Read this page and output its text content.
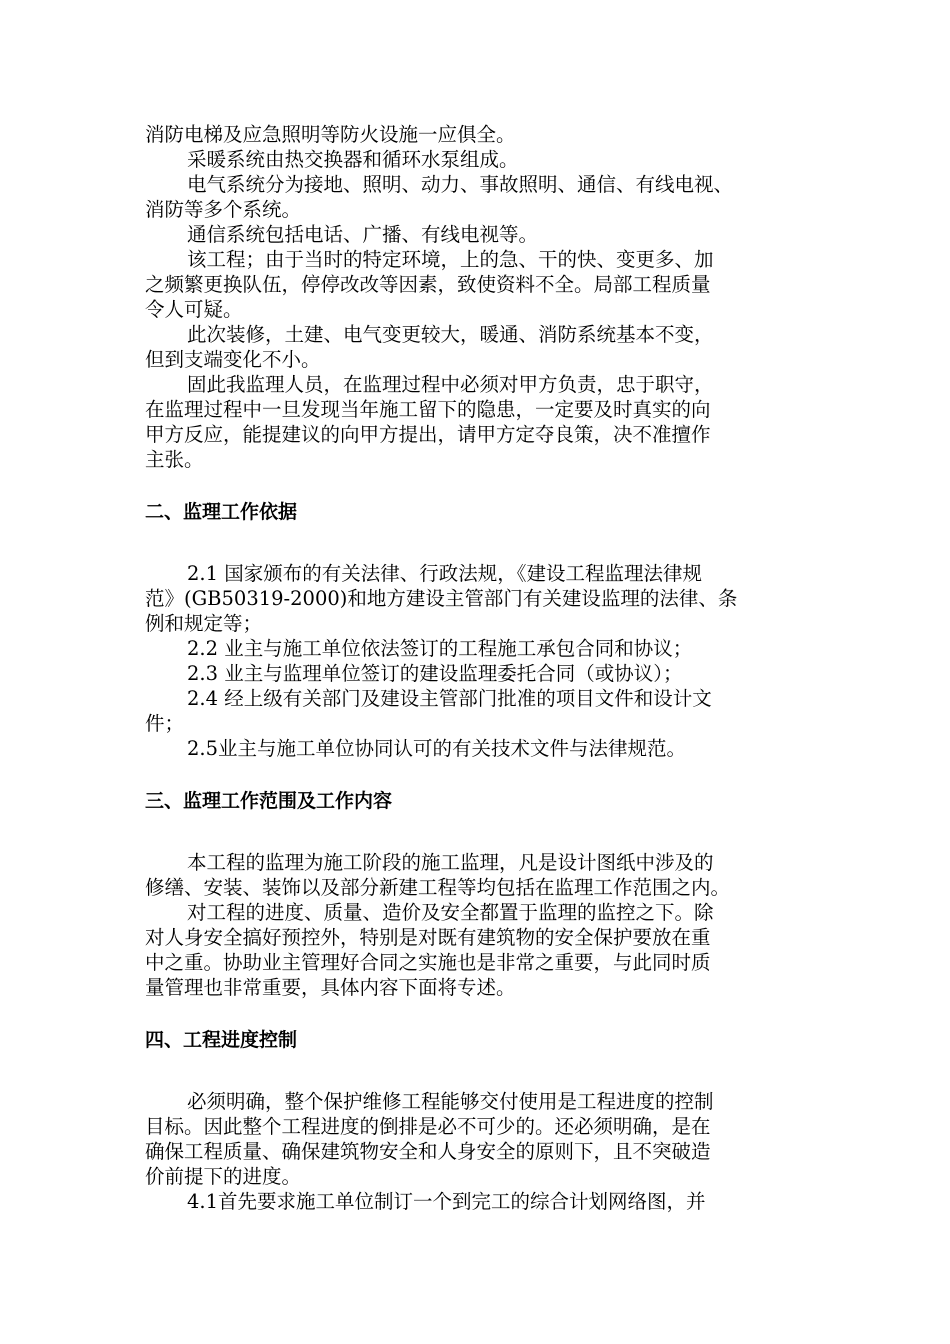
消防电梯及应急照明等防火设施一应俱全。
采暖系统由热交换器和循环水泵组成。
电气系统分为接地、照明、动力、事故照明、通信、有线电视、
消防等多个系统。
通信系统包括电话、广播、有线电视等。
该工程；由于当时的特定环境，上的急、干的快、变更多、加
之频繁更换队伍，停停改改等因素，致使资料不全。局部工程质量
令人可疑。
此次装修，土建、电气变更较大，暖通、消防系统基本不变，
但到支端变化不小。
固此我监理人员，在监理过程中必须对甲方负责，忠于职守，
在监理过程中一旦发现当年施工留下的隐患，一定要及时真实的向
甲方反应，能提建议的向甲方提出，请甲方定夺良策，决不准擅作
主张。
二、监理工作依据
2.1 国家颁布的有关法律、行政法规，《建设工程监理法律规
范》(GB50319-2000)和地方建设主管部门有关建设监理的法律、条
例和规定等；
2.2 业主与施工单位依法签订的工程施工承包合同和协议；
2.3 业主与监理单位签订的建设监理委托合同（或协议）；
2.4 经上级有关部门及建设主管部门批准的项目文件和设计文
件；
2.5业主与施工单位协同认可的有关技术文件与法律规范。
三、监理工作范围及工作内容
本工程的监理为施工阶段的施工监理，凡是设计图纸中涉及的
修缮、安装、装饰以及部分新建工程等均包括在监理工作范围之内。
对工程的进度、质量、造价及安全都置于监理的监控之下。除
对人身安全搞好预控外，特别是对既有建筑物的安全保护要放在重
中之重。协助业主管理好合同之实施也是非常之重要，与此同时质
量管理也非常重要，具体内容下面将专述。
四、工程进度控制
必须明确，整个保护维修工程能够交付使用是工程进度的控制
目标。因此整个工程进度的倒排是必不可少的。还必须明确，是在
确保工程质量、确保建筑物安全和人身安全的原则下，且不突破造
价前提下的进度。
4.1首先要求施工单位制订一个到完工的综合计划网络图，并
